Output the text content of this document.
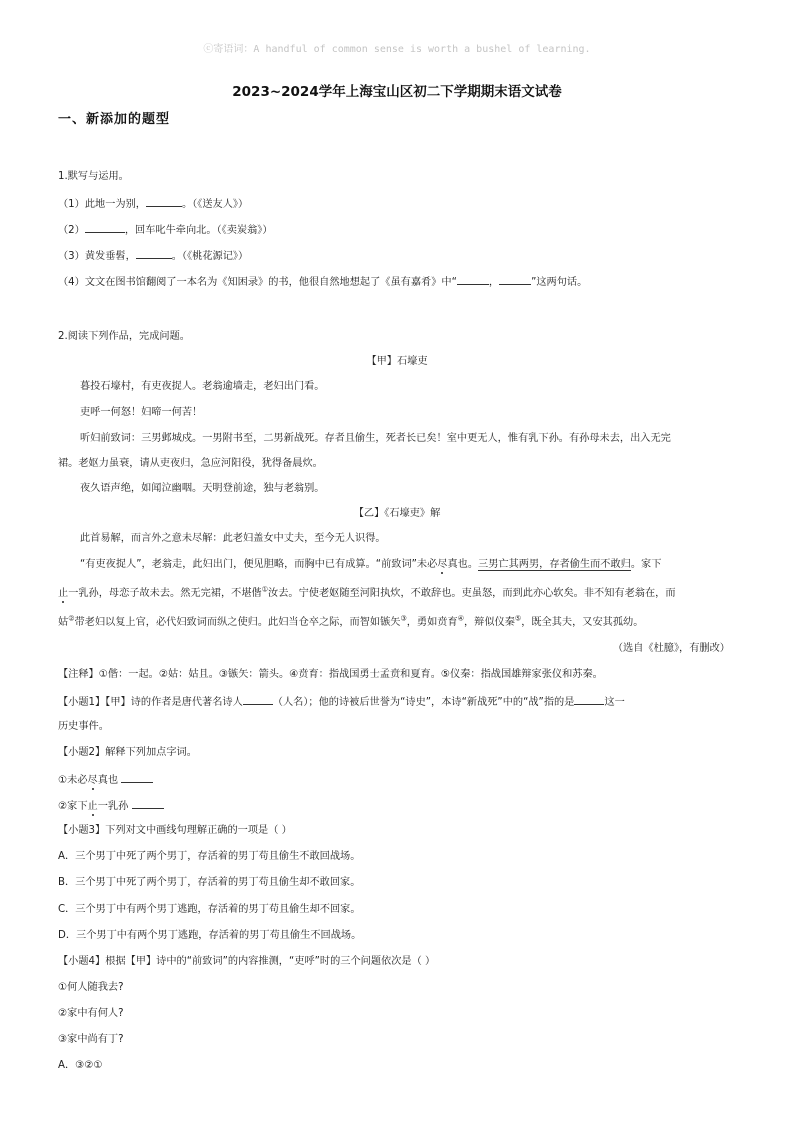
ⓒ寄语词：A handful of common sense is worth a bushel of learning.
2023~2024学年上海宝山区初二下学期期末语文试卷
一、新添加的题型
1.默写与运用。
（1）此地一为别，	。（《送友人》）
（2）	，回车叱牛牵向北。（《卖炭翁》）
（3）黄发垂髫，	。（《桃花源记》）
（4）文文在图书馆翻阅了一本名为《知困录》的书，他很自然地想起了《虽有嘉肴》中“	，	”这两句话。
2.阅读下列作品，完成问题。
【甲】石壕吏
暮投石壕村，有吏夜捉人。老翁逾墙走，老妇出门看。
吏呼一何怒！妇啼一何苦！
听妇前致词：三男邺城戍。一男附书至，二男新战死。存者且偷生，死者长已矣！室中更无人，惟有乳下孙。有孙母未去，出入无完
裙。老妪力虽衰，请从吏夜归，急应河阳役，犹得备晨炊。
夜久语声绝，如闻泣幽咽。天明登前途，独与老翁别。
【乙】《石壕吏》解
此首易解，而言外之意未尽解：此老妇盖女中丈夫，至今无人识得。
“有吏夜捉人”，老翁走，此妇出门，便见胆略，而胸中已有成算。“前致词”未必尽真也。三男亡其两男，存者偷生而不敢归。家下
止一乳孙，母恋子故未去。然无完裙，不堪偕①汝去。宁使老妪随至河阳执炊，不敢辞也。吏虽怒，而到此亦心软矣。非不知有老翁在，而
姑②带老妇以复上官，必代妇致词而纵之使归。此妇当仓卒之际，而智如镞矢③，勇如贲育④，辩似仪秦⑤，既全其夫，又安其孤幼。
（选自《杜臆》，有删改）
【注释】①偕：一起。②姑：姑且。③镞矢：箭头。④贲育：指战国勇士孟贲和夏育。⑤仪秦：指战国雄辩家张仪和苏秦。
【小题1】【甲】诗的作者是唐代著名诗人	（人名）；他的诗被后世誉为“诗史”，本诗“新战死”中的“战”指的是	这一
历史事件。
【小题2】解释下列加点字词。
①未必尽真也
②家下止一乳孙
【小题3】下列对文中画线句理解正确的一项是（ ）
A．三个男丁中死了两个男丁，存活着的男丁苟且偷生不敢回战场。
B．三个男丁中死了两个男丁，存活着的男丁苟且偷生却不敢回家。
C．三个男丁中有两个男丁逃跑，存活着的男丁苟且偷生却不回家。
D．三个男丁中有两个男丁逃跑，存活着的男丁苟且偷生不回战场。
【小题4】根据【甲】诗中的“前致词”的内容推测，“吏呼”时的三个问题依次是（ ）
①何人随我去?
②家中有何人?
③家中尚有丁?
A．③②①
